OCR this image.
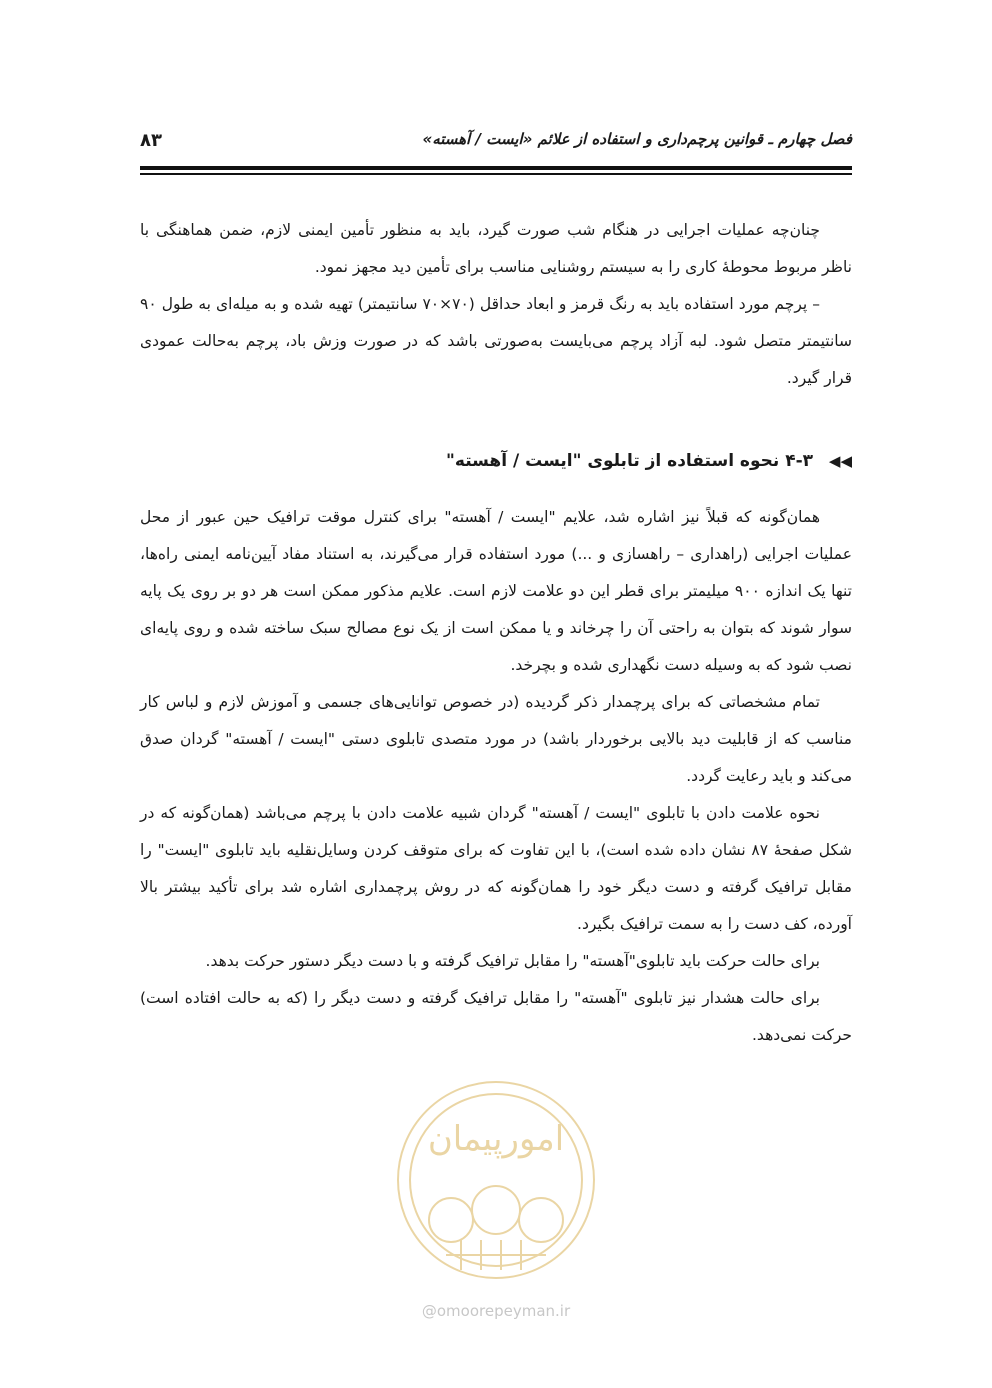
فصل چهارم ـ قوانین پرچم‌داری و استفاده از علائم «ایست / آهسته»
۸۳

چنان‌چه عملیات اجرایی در هنگام شب صورت گیرد، باید به منظور تأمین ایمنی لازم، ضمن هماهنگی با ناظر مربوط محوطهٔ کاری را به سیستم روشنایی مناسب برای تأمین دید مجهز نمود.

– پرچم مورد استفاده باید به رنگ قرمز و ابعاد حداقل (۷۰×۷۰ سانتیمتر) تهیه شده و به میله‌ای به طول ۹۰ سانتیمتر متصل شود. لبه آزاد پرچم می‌بایست به‌صورتی باشد که در صورت وزش باد، پرچم به‌حالت عمودی قرار گیرد.

◀◀ ۴-۳ نحوه استفاده از تابلوی "ایست / آهسته"

همان‌گونه که قبلاً نیز اشاره شد، علایم "ایست / آهسته" برای کنترل موقت ترافیک حین عبور از محل عملیات اجرایی (راهداری – راهسازی و ...) مورد استفاده قرار می‌گیرند، به استناد مفاد آیین‌نامه ایمنی راه‌ها، تنها یک اندازه ۹۰۰ میلیمتر برای قطر این دو علامت لازم است. علایم مذکور ممکن است هر دو بر روی یک پایه سوار شوند که بتوان به راحتی آن را چرخاند و یا ممکن است از یک نوع مصالح سبک ساخته شده و روی پایه‌ای نصب شود که به وسیله دست نگهداری شده و بچرخد.

تمام مشخصاتی که برای پرچمدار ذکر گردیده (در خصوص توانایی‌های جسمی و آموزش لازم و لباس کار مناسب که از قابلیت دید بالایی برخوردار باشد) در مورد متصدی تابلوی دستی "ایست / آهسته" گردان صدق می‌کند و باید رعایت گردد.

نحوه علامت دادن با تابلوی "ایست / آهسته" گردان شبیه علامت دادن با پرچم می‌باشد (همان‌گونه که در شکل صفحهٔ ۸۷ نشان داده شده است)، با این تفاوت که برای متوقف کردن وسایل‌نقلیه باید تابلوی "ایست" را مقابل ترافیک گرفته و دست دیگر خود را همان‌گونه که در روش پرچمداری اشاره شد برای تأکید بیشتر بالا آورده، کف دست را به سمت ترافیک بگیرد.

برای حالت حرکت باید تابلوی"آهسته" را مقابل ترافیک گرفته و با دست دیگر دستور حرکت بدهد.

برای حالت هشدار نیز تابلوی "آهسته" را مقابل ترافیک گرفته و دست دیگر را (که به حالت افتاده است) حرکت نمی‌دهد.

امورپیمان
@omoorepeyman.ir
